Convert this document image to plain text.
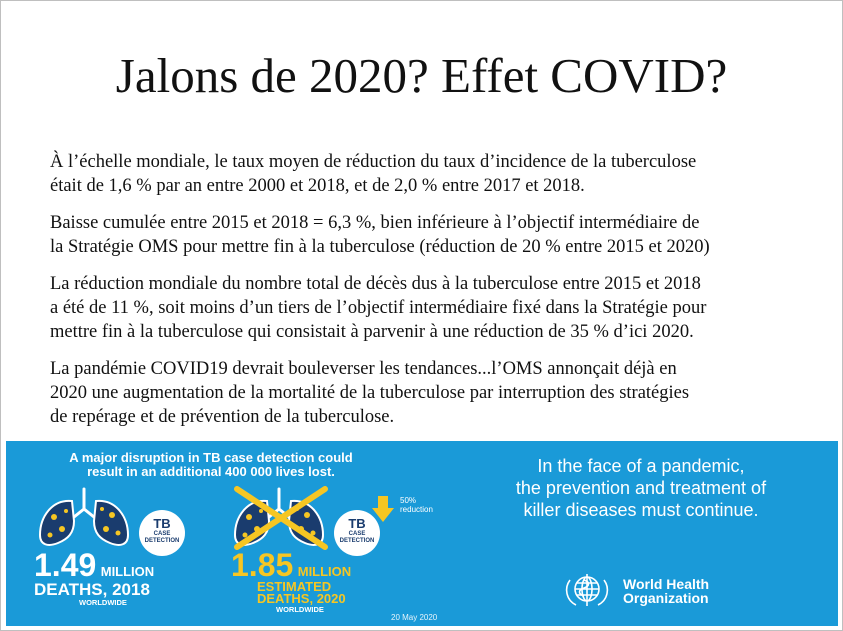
Jalons de 2020? Effet COVID?
À l’échelle mondiale, le taux moyen de réduction du taux d’incidence de la tuberculose
était de 1,6 % par an entre 2000 et 2018, et de 2,0 % entre 2017 et 2018.
Baisse cumulée entre 2015 et 2018 = 6,3 %, bien inférieure à l’objectif intermédiaire de
la Stratégie OMS pour mettre fin à la tuberculose (réduction de 20 % entre 2015 et 2020)
La réduction mondiale du nombre total de décès dus à la tuberculose entre 2015 et 2018
a été de 11 %, soit moins d’un tiers de l’objectif intermédiaire fixé dans la Stratégie pour
mettre fin à la tuberculose qui consistait à parvenir à une réduction de 35 % d’ici 2020.
La pandémie COVID19 devrait bouleverser les tendances...l’OMS annonçait déjà en
2020 une augmentation de la mortalité de la tuberculose par interruption des stratégies
de repérage et de prévention de la tuberculose.
A major disruption in TB case detection could
result in an additional 400 000 lives lost.
TB
CASE
DETECTION
TB
CASE
DETECTION
50%
reduction
1.49 MILLION
DEATHS, 2018
WORLDWIDE
1.85 MILLION
ESTIMATED
DEATHS, 2020
WORLDWIDE
In the face of a pandemic,
the prevention and treatment of
killer diseases must continue.
World Health
Organization
20 May 2020
